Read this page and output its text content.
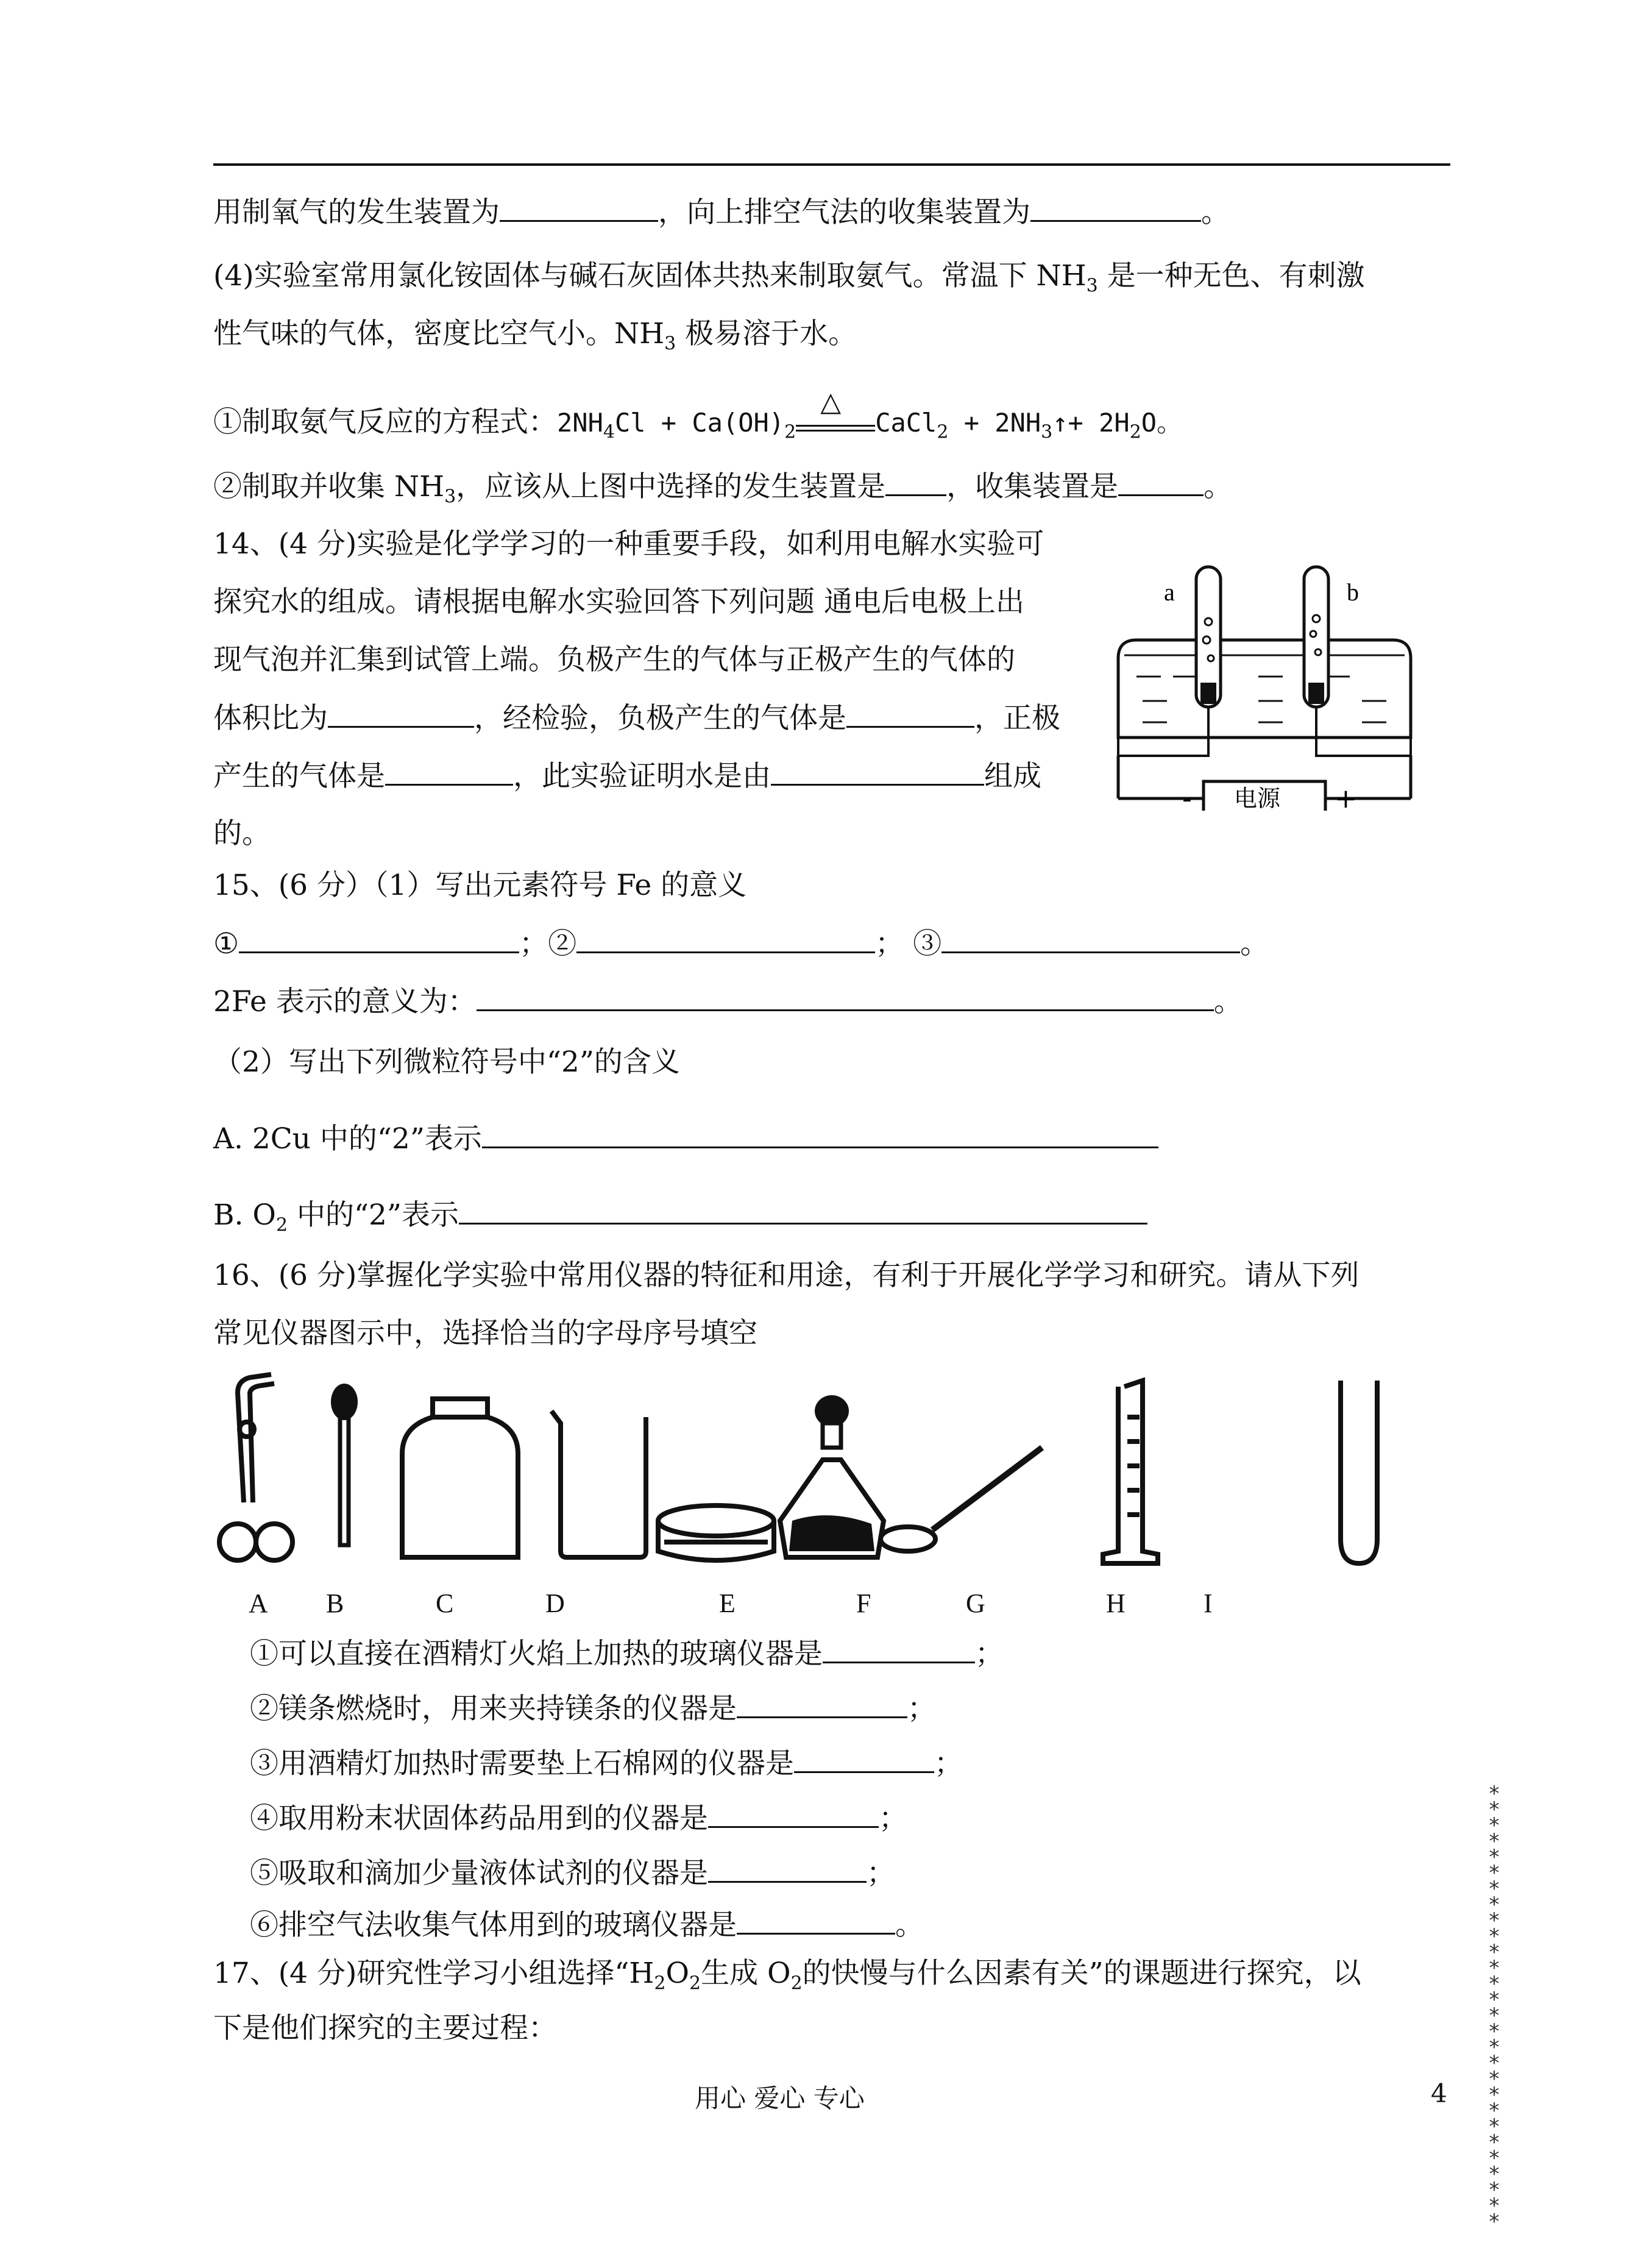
用制氧气的发生装置为	，向上排空气法的收集装置为	。
(4)实验室常用氯化铵固体与碱石灰固体共热来制取氨气。常温下 $NH_3$ 是一种无色、有刺激
性气味的气体，密度比空气小。$NH_3$ 极易溶于水。
①制取氨气反应的方程式：$2NH_4Cl + Ca(OH)_2$
△
CaCl$_2$ + $2NH_3↑+ 2H_2O$。
②制取并收集 $NH_3$，应该从上图中选择的发生装置是 ，收集装置是	。
14、(4 分)实验是化学学习的一种重要手段，如利用电解水实验可
探究水的组成。请根据电解水实验回答下列问题 通电后电极上出
现气泡并汇集到试管上端。负极产生的气体与正极产生的气体的
体积比为	，经检验，负极产生的气体是	，正极
产生的气体是	，此实验证明水是由	组成
的。
a	b
电源
-	+
15、(6 分）（1）写出元素符号 Fe 的意义
①	；②	； ③	。
2Fe 表示的意义为：	。
（2）写出下列微粒符号中“2”的含义
A. 2Cu 中的“2”表示
B. $O_2$ 中的“2”表示
16、(6 分)掌握化学实验中常用仪器的特征和用途，有利于开展化学学习和研究。请从下列
常见仪器图示中，选择恰当的字母序号填空
A B	C	D	E	F	G	H	I
①可以直接在酒精灯火焰上加热的玻璃仪器是	；
②镁条燃烧时，用来夹持镁条的仪器是	；
③用酒精灯加热时需要垫上石棉网的仪器是	；
④取用粉末状固体药品用到的仪器是	；
⑤吸取和滴加少量液体试剂的仪器是	；
⑥排空气法收集气体用到的玻璃仪器是	。
17、(4 分)研究性学习小组选择“$H_2O_2$生成 $O_2$的快慢与什么因素有关”的课题进行探究，以
下是他们探究的主要过程：
用心 爱心 专心	4
****************************
